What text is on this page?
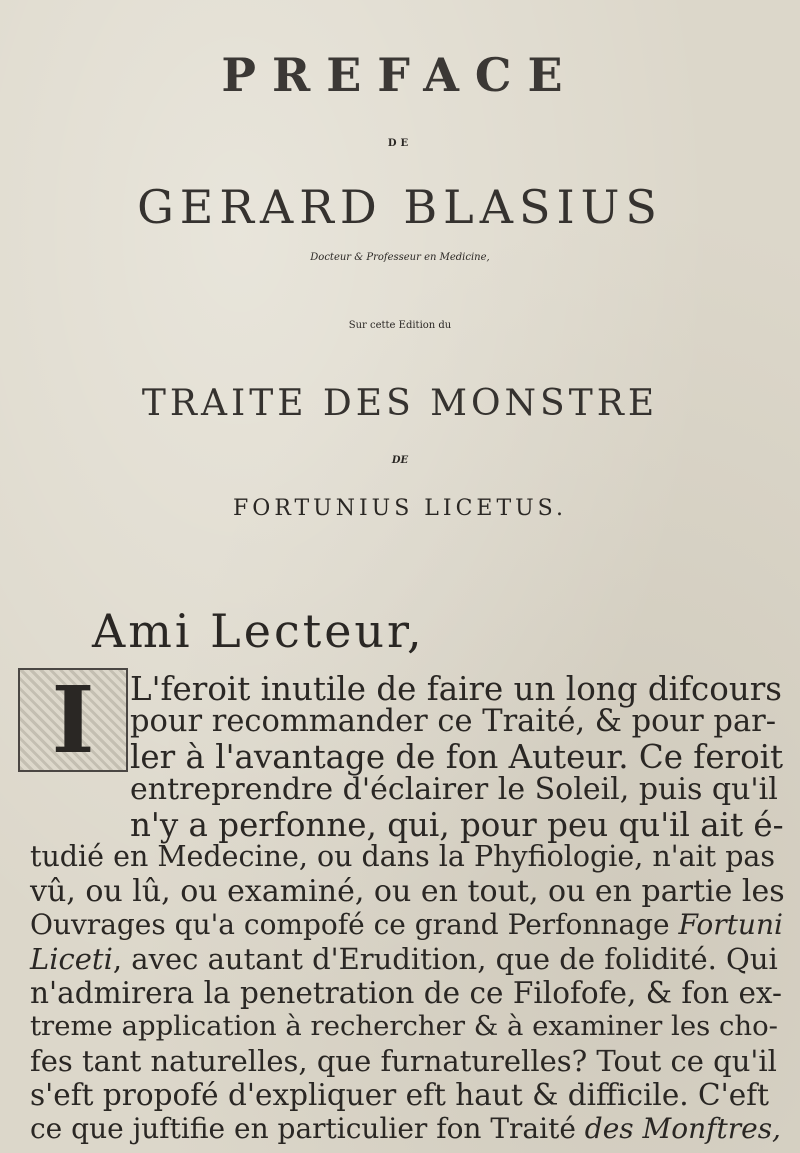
PREFACE
DE
GERARD BLASIUS
Docteur & Professeur en Medicine,
Sur cette Edition du
TRAITE DES MONSTRE
DE
FORTUNIUS LICETUS.
Ami Lecteur,
I	L'feroit inutile de faire un long difcours
pour recommander ce Traité, & pour par-
ler à l'avantage de fon Auteur. Ce feroit
entreprendre d'éclairer le Soleil, puis qu'il
n'y a perfonne, qui, pour peu qu'il ait é-
tudié en Medecine, ou dans la Phyfiologie, n'ait pas
vû, ou lû, ou examiné, ou en tout, ou en partie les
Ouvrages qu'a compofé ce grand Perfonnage Fortuni
Liceti, avec autant d'Erudition, que de folidité. Qui
n'admirera la penetration de ce Filofofe, & fon ex-
treme application à rechercher & à examiner les cho-
fes tant naturelles, que furnaturelles? Tout ce qu'il
s'eft propofé d'expliquer eft haut & difficile. C'eft
ce que juftifie en particulier fon Traité des Monftres,
